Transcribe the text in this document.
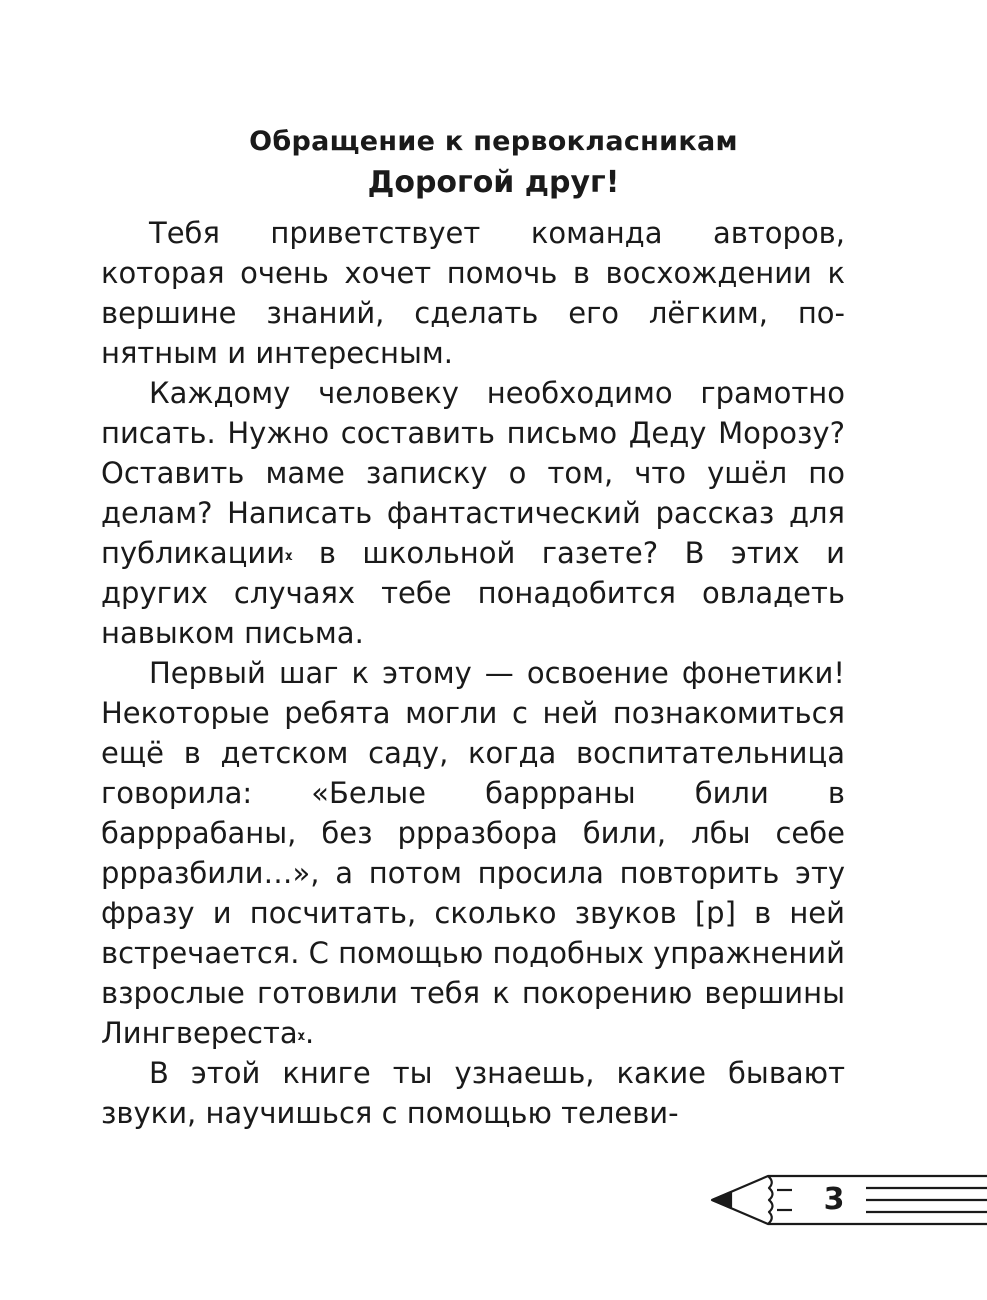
Обращение к первокласникам
Дорогой друг!

Тебя приветствует команда авторов, которая очень хочет помочь в восхождении к вершине знаний, сделать его лёгким, понятным и интересным.

Каждому человеку необходимо грамотно писать. Нужно составить письмо Деду Морозу? Оставить маме записку о том, что ушёл по делам? Написать фантастический рассказ для публикации$^ᵪ$ в школьной газете? В этих и других случаях тебе понадобится овладеть навыком письма.

Первый шаг к этому — освоение фонетики! Некоторые ребята могли с ней познакомиться ещё в детском саду, когда воспитательница говорила: «Белые баррраны били в барррабаны, без ррразбора били, лбы себе ррразбили…», а потом просила повторить эту фразу и посчитать, сколько звуков [р] в ней встречается. С помощью подобных упражнений взрослые готовили тебя к покорению вершины Лингвереста$^ᵪ$.

В этой книге ты узнаешь, какие бывают звуки, научишься с помощью телеви-

3
